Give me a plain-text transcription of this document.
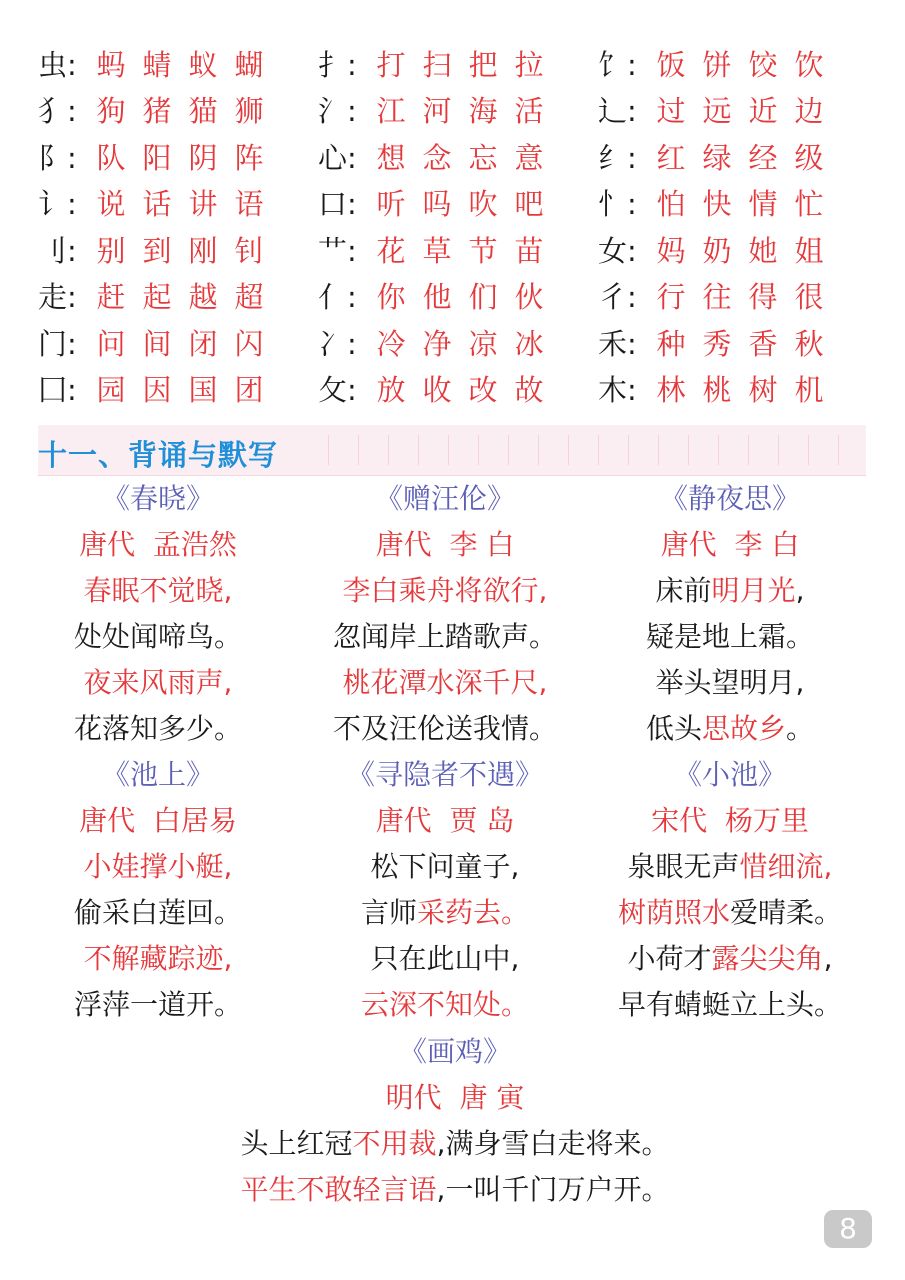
虫: 蚂 蜻 蚁 蝴 扌: 打 扫 把 拉 饣: 饭 饼 饺 饮
犭: 狗 猪 猫 狮 氵: 江 河 海 活 辶: 过 远 近 边
阝: 队 阳 阴 阵 心: 想 念 忘 意 纟: 红 绿 经 级
讠: 说 话 讲 语 口: 听 吗 吹 吧 忄: 怕 快 情 忙
刂: 别 到 刚 钊 艹: 花 草 节 苗 女: 妈 奶 她 姐
走: 赶 起 越 超 亻: 你 他 们 伙 彳: 行 往 得 很
门: 问 间 闭 闪 冫: 冷 净 凉 冰 禾: 种 秀 香 秋
囗: 园 因 国 团 攵: 放 收 改 故 木: 林 桃 树 机
十一、背诵与默写
《春晓》
唐代 孟浩然
春眠不觉晓,
处处闻啼鸟。
夜来风雨声,
花落知多少。
《赠汪伦》
唐代 李 白
李白乘舟将欲行,
忽闻岸上踏歌声。
桃花潭水深千尺,
不及汪伦送我情。
《静夜思》
唐代 李 白
床前明月光,
疑是地上霜。
举头望明月,
低头思故乡。
《池上》
唐代 白居易
小娃撑小艇,
偷采白莲回。
不解藏踪迹,
浮萍一道开。
《寻隐者不遇》
唐代 贾 岛
松下问童子,
言师采药去。
只在此山中,
云深不知处。
《小池》
宋代 杨万里
泉眼无声惜细流,
树荫照水爱晴柔。
小荷才露尖尖角,
早有蜻蜓立上头。
《画鸡》
明代 唐 寅
头上红冠不用裁,满身雪白走将来。
平生不敢轻言语,一叫千门万户开。
8
